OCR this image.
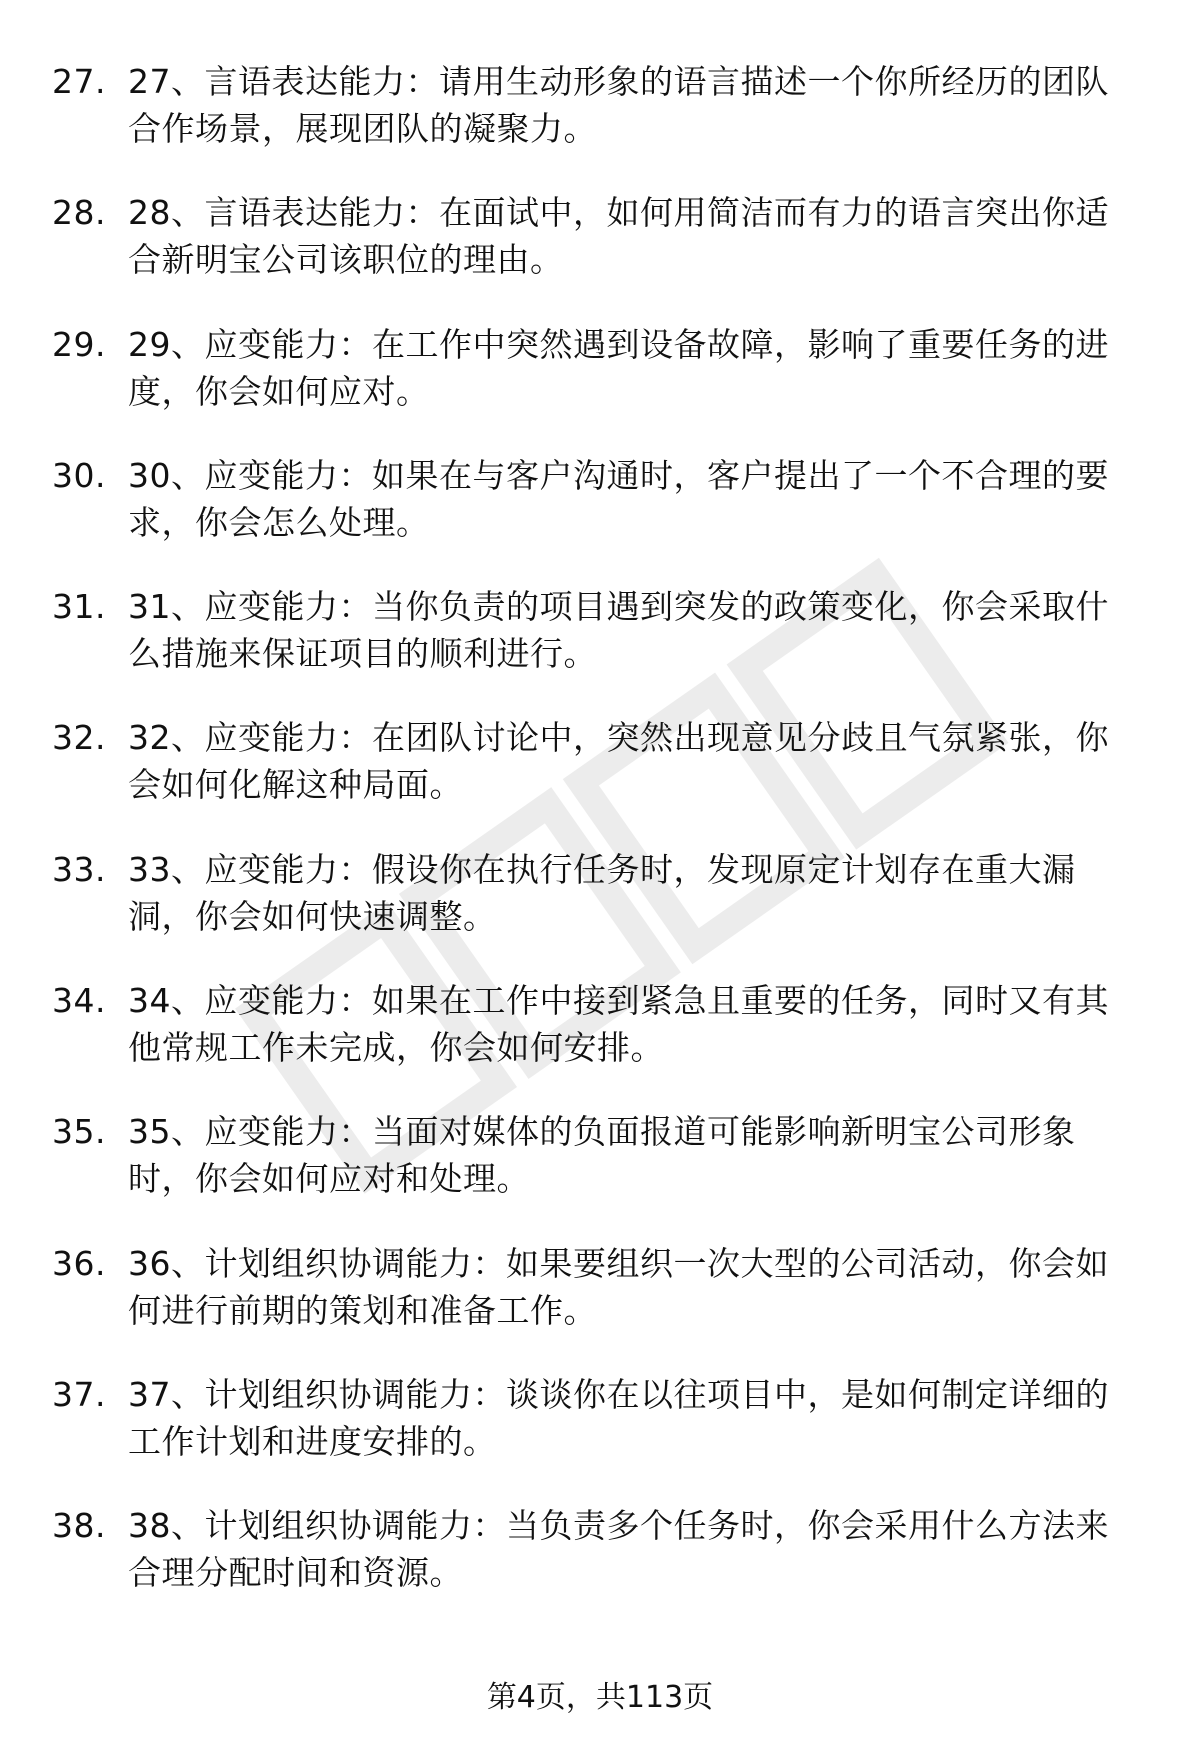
27. 27、言语表达能力：请用生动形象的语言描述一个你所经历的团队合作场景，展现团队的凝聚力。
28. 28、言语表达能力：在面试中，如何用简洁而有力的语言突出你适合新明宝公司该职位的理由。
29. 29、应变能力：在工作中突然遇到设备故障，影响了重要任务的进度，你会如何应对。
30. 30、应变能力：如果在与客户沟通时，客户提出了一个不合理的要求，你会怎么处理。
31. 31、应变能力：当你负责的项目遇到突发的政策变化，你会采取什么措施来保证项目的顺利进行。
32. 32、应变能力：在团队讨论中，突然出现意见分歧且气氛紧张，你会如何化解这种局面。
33. 33、应变能力：假设你在执行任务时，发现原定计划存在重大漏洞，你会如何快速调整。
34. 34、应变能力：如果在工作中接到紧急且重要的任务，同时又有其他常规工作未完成，你会如何安排。
35. 35、应变能力：当面对媒体的负面报道可能影响新明宝公司形象时，你会如何应对和处理。
36. 36、计划组织协调能力：如果要组织一次大型的公司活动，你会如何进行前期的策划和准备工作。
37. 37、计划组织协调能力：谈谈你在以往项目中，是如何制定详细的工作计划和进度安排的。
38. 38、计划组织协调能力：当负责多个任务时，你会采用什么方法来合理分配时间和资源。
第4页，共113页
